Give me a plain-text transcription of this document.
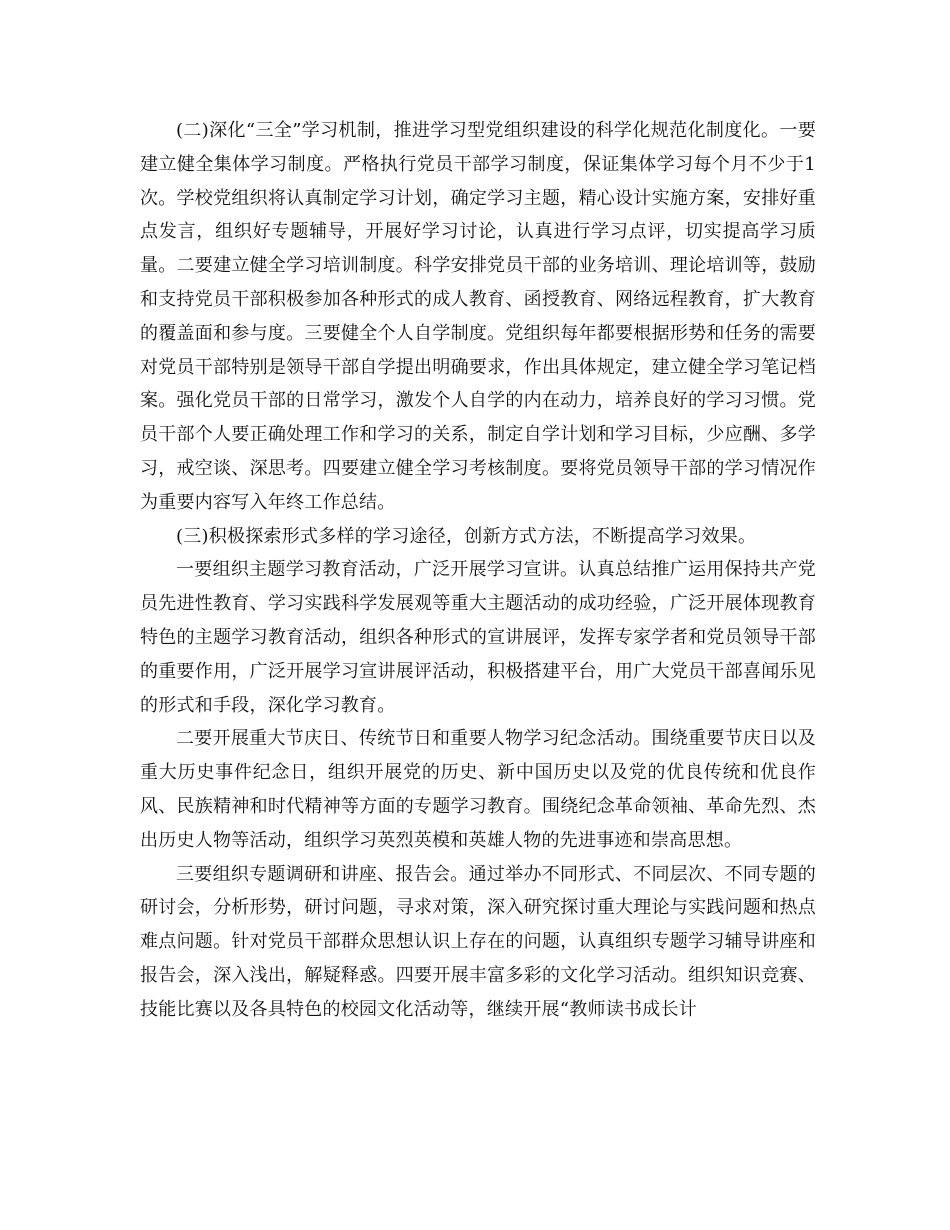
(二)深化“三全”学习机制，推进学习型党组织建设的科学化规范化制度化。一要建立健全集体学习制度。严格执行党员干部学习制度，保证集体学习每个月不少于1次。学校党组织将认真制定学习计划，确定学习主题，精心设计实施方案，安排好重点发言，组织好专题辅导，开展好学习讨论，认真进行学习点评，切实提高学习质量。二要建立健全学习培训制度。科学安排党员干部的业务培训、理论培训等，鼓励和支持党员干部积极参加各种形式的成人教育、函授教育、网络远程教育，扩大教育的覆盖面和参与度。三要健全个人自学制度。党组织每年都要根据形势和任务的需要对党员干部特别是领导干部自学提出明确要求，作出具体规定，建立健全学习笔记档案。强化党员干部的日常学习，激发个人自学的内在动力，培养良好的学习习惯。党员干部个人要正确处理工作和学习的关系，制定自学计划和学习目标，少应酬、多学习，戒空谈、深思考。四要建立健全学习考核制度。要将党员领导干部的学习情况作为重要内容写入年终工作总结。

(三)积极探索形式多样的学习途径，创新方式方法，不断提高学习效果。

一要组织主题学习教育活动，广泛开展学习宣讲。认真总结推广运用保持共产党员先进性教育、学习实践科学发展观等重大主题活动的成功经验，广泛开展体现教育特色的主题学习教育活动，组织各种形式的宣讲展评，发挥专家学者和党员领导干部的重要作用，广泛开展学习宣讲展评活动，积极搭建平台，用广大党员干部喜闻乐见的形式和手段，深化学习教育。

二要开展重大节庆日、传统节日和重要人物学习纪念活动。围绕重要节庆日以及重大历史事件纪念日，组织开展党的历史、新中国历史以及党的优良传统和优良作风、民族精神和时代精神等方面的专题学习教育。围绕纪念革命领袖、革命先烈、杰出历史人物等活动，组织学习英烈英模和英雄人物的先进事迹和崇高思想。

三要组织专题调研和讲座、报告会。通过举办不同形式、不同层次、不同专题的研讨会，分析形势，研讨问题，寻求对策，深入研究探讨重大理论与实践问题和热点难点问题。针对党员干部群众思想认识上存在的问题，认真组织专题学习辅导讲座和报告会，深入浅出，解疑释惑。四要开展丰富多彩的文化学习活动。组织知识竞赛、技能比赛以及各具特色的校园文化活动等，继续开展“教师读书成长计
